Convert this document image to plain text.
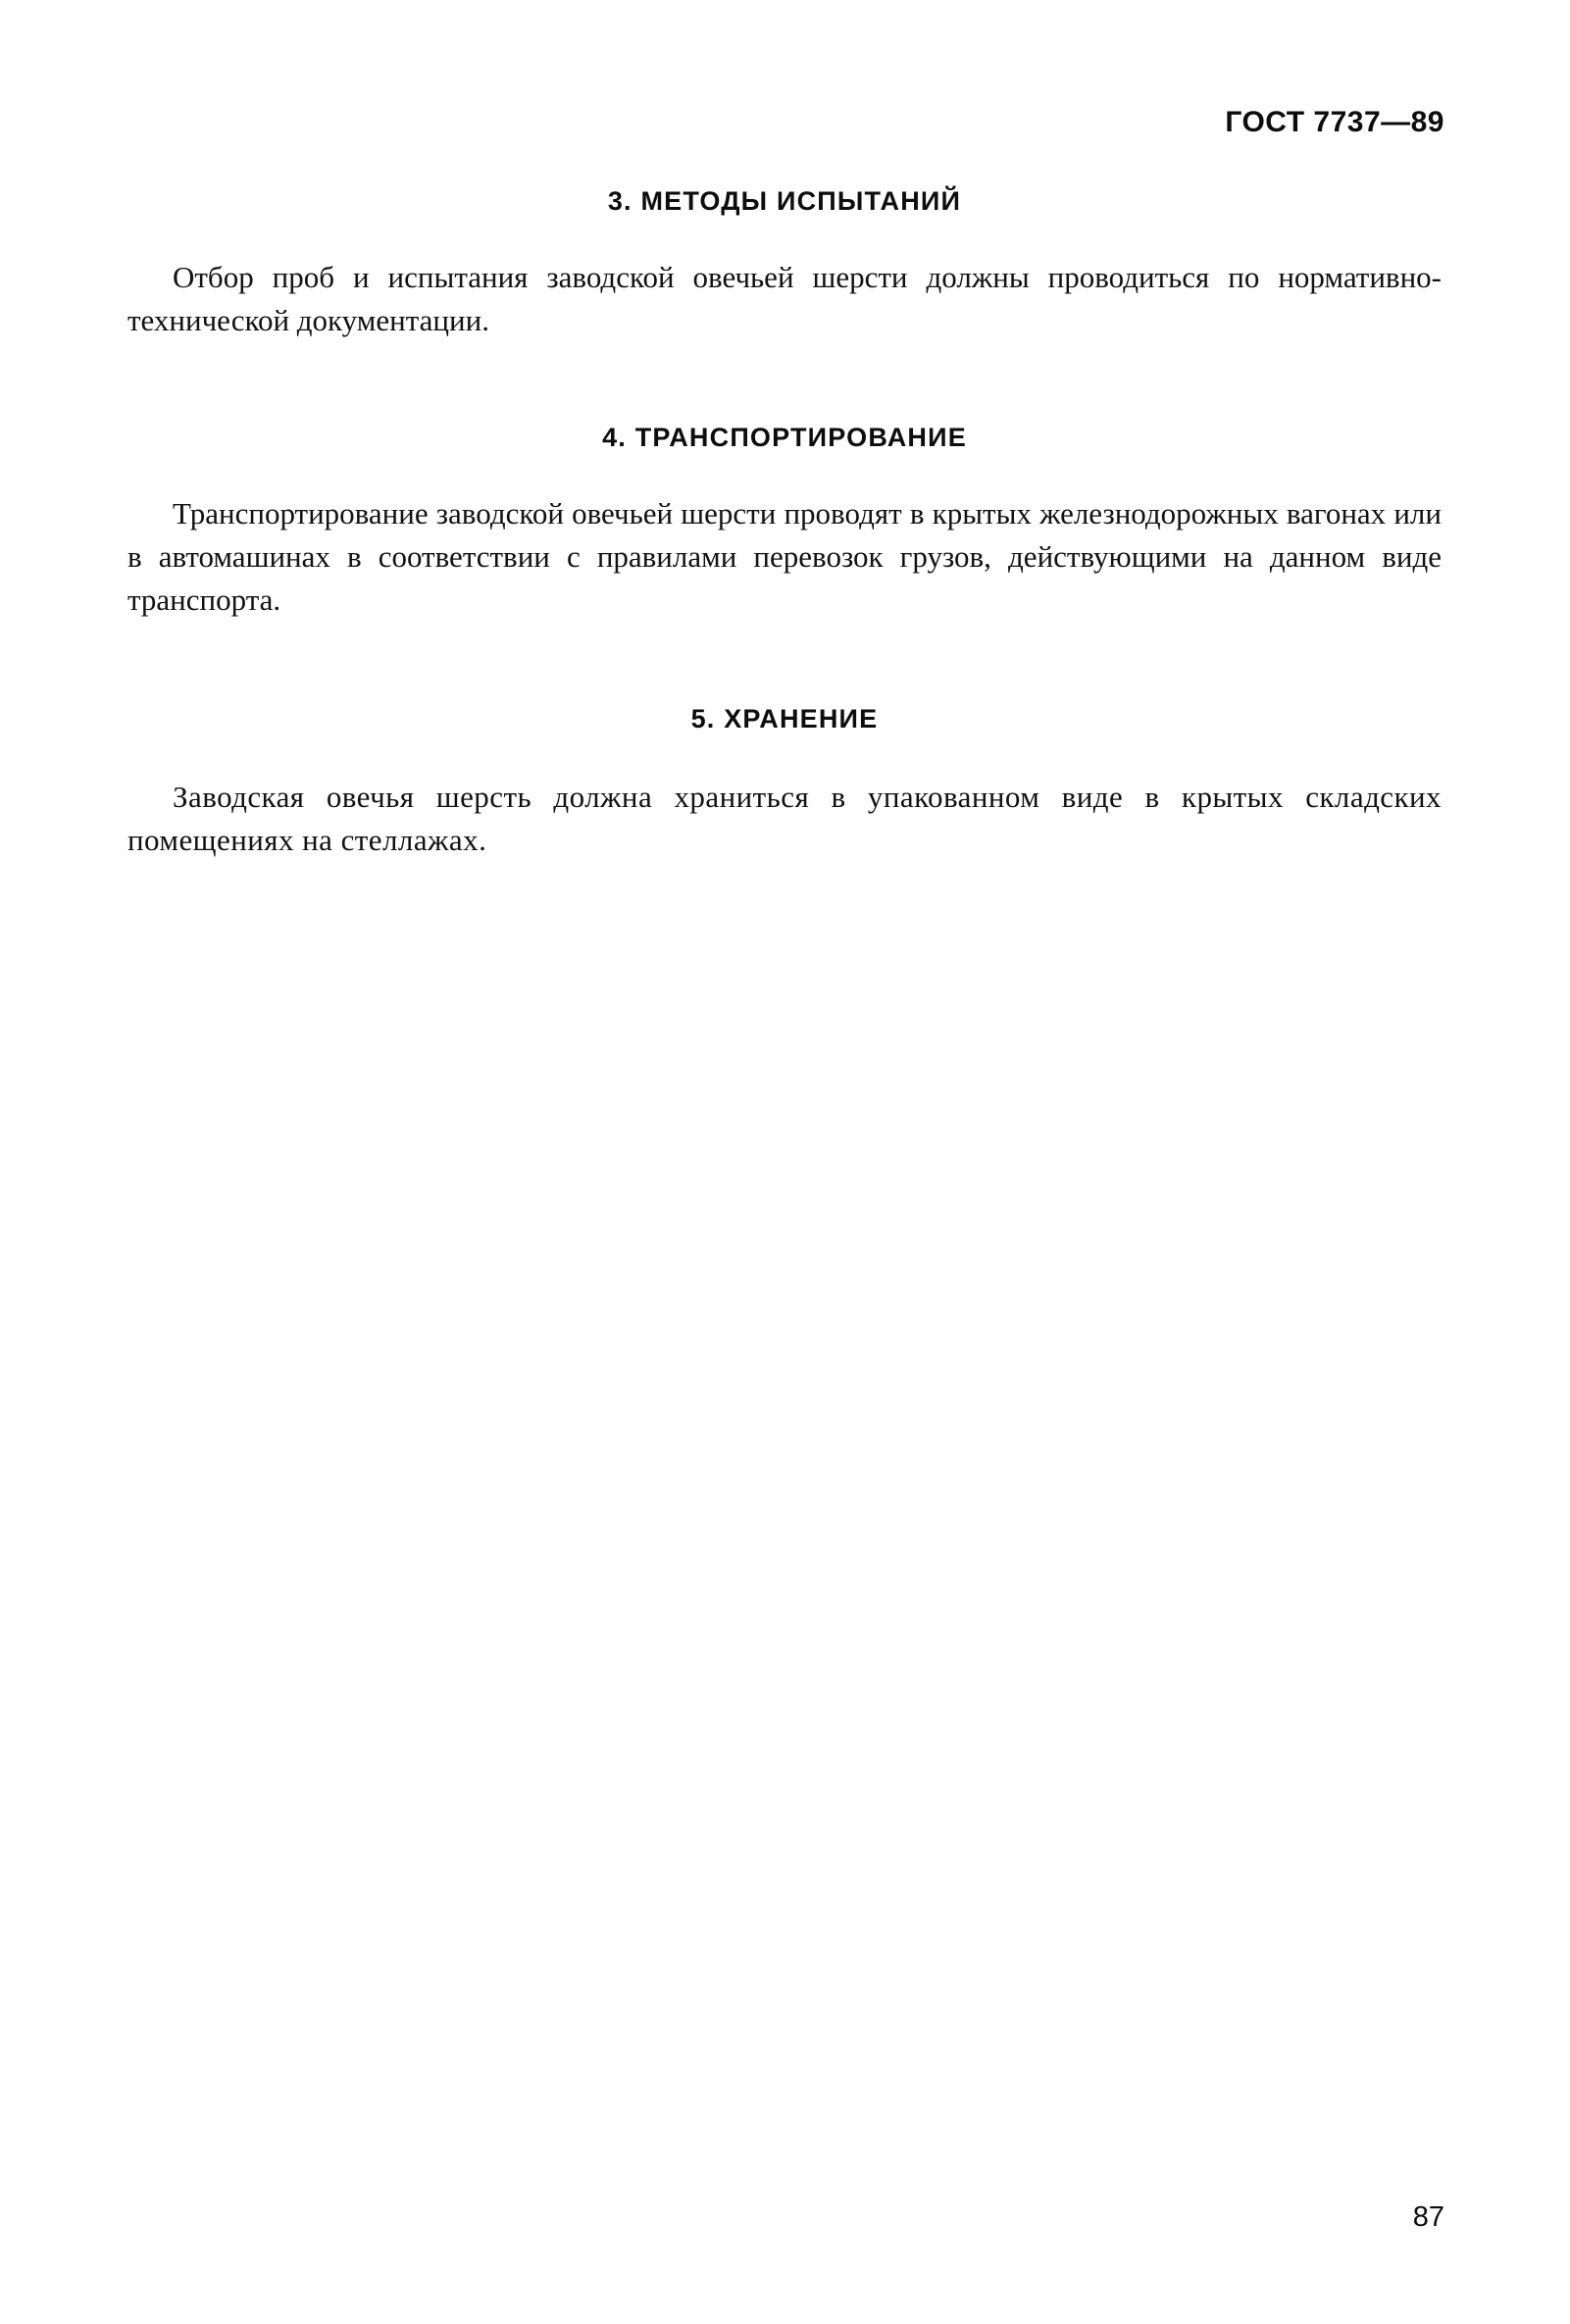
ГОСТ 7737—89
3. МЕТОДЫ ИСПЫТАНИЙ
Отбор проб и испытания заводской овечьей шерсти должны проводиться по нормативно-технической документации.
4. ТРАНСПОРТИРОВАНИЕ
Транспортирование заводской овечьей шерсти проводят в крытых железнодорожных вагонах или в автомашинах в соответствии с правилами перевозок грузов, действующими на данном виде транспорта.
5. ХРАНЕНИЕ
Заводская овечья шерсть должна храниться в упакованном виде в крытых складских помещениях на стеллажах.
87
